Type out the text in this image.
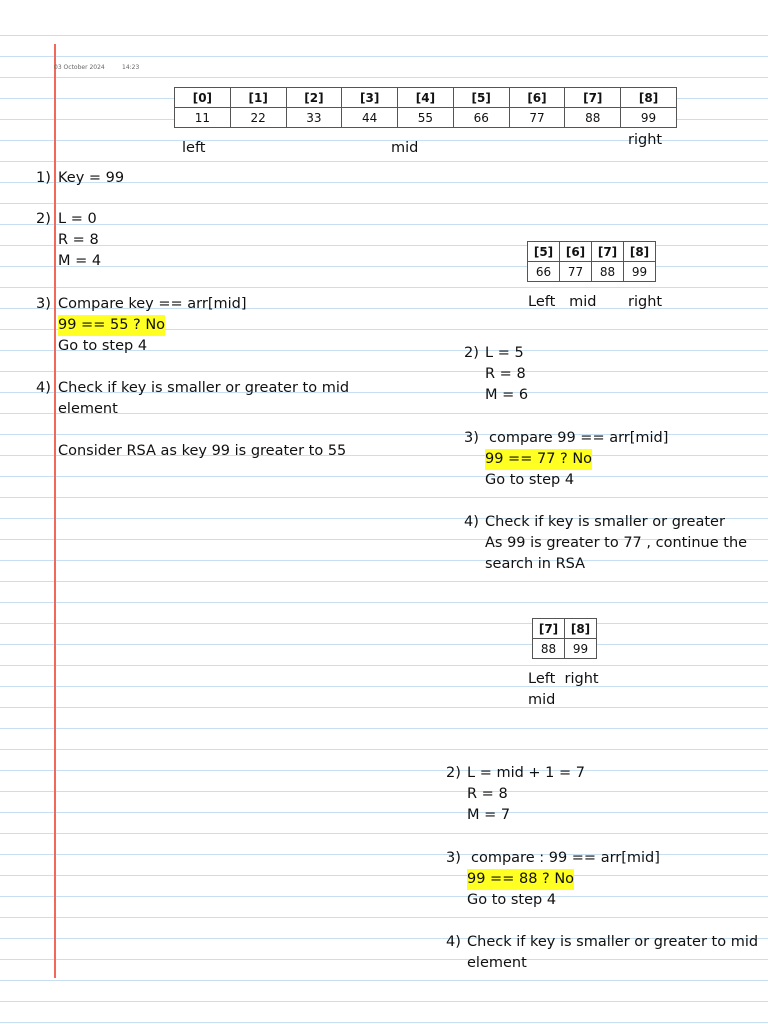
03 October 2024	14:23
[0]	[1]	[2]	[3]	[4]	[5]	[6]	[7]	[8]
11	22	33	44	55	66	77	88	99
left	mid	right
1) Key = 99
2) L = 0
R = 8
M = 4
3) Compare key == arr[mid]
99 == 55 ? No
Go to step 4
4) Check if key is smaller or greater to mid
element
Consider RSA as key 99 is greater to 55
[5]	[6]	[7]	[8]
66	77	88	99
Left   mid right
2) L = 5
R = 8
M = 6
3) compare 99 == arr[mid]
99 == 77 ? No
Go to step 4
4) Check if key is smaller or greater
As 99 is greater to 77 , continue the
search in RSA
[7]	[8]
88	99
Left  right
mid
2) L = mid + 1 = 7
R = 8
M = 7
3) compare : 99 == arr[mid]
99 == 88 ? No
Go to step 4
4) Check if key is smaller or greater to mid
element
